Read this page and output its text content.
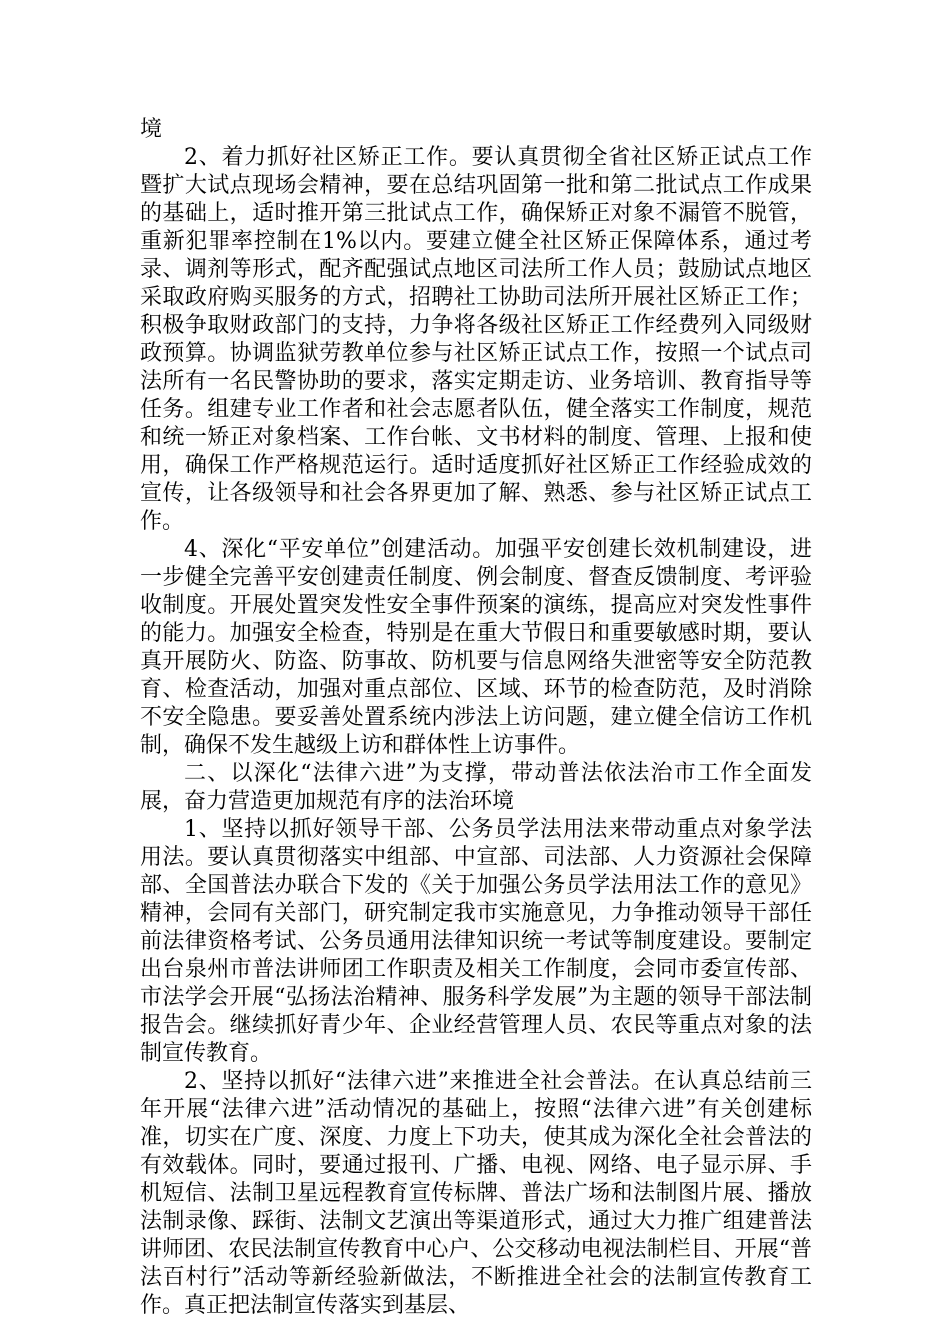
境

2、着力抓好社区矫正工作。要认真贯彻全省社区矫正试点工作暨扩大试点现场会精神，要在总结巩固第一批和第二批试点工作成果的基础上，适时推开第三批试点工作，确保矫正对象不漏管不脱管，重新犯罪率控制在1%以内。要建立健全社区矫正保障体系，通过考录、调剂等形式，配齐配强试点地区司法所工作人员；鼓励试点地区采取政府购买服务的方式，招聘社工协助司法所开展社区矫正工作；积极争取财政部门的支持，力争将各级社区矫正工作经费列入同级财政预算。协调监狱劳教单位参与社区矫正试点工作，按照一个试点司法所有一名民警协助的要求，落实定期走访、业务培训、教育指导等任务。组建专业工作者和社会志愿者队伍，健全落实工作制度，规范和统一矫正对象档案、工作台帐、文书材料的制度、管理、上报和使用，确保工作严格规范运行。适时适度抓好社区矫正工作经验成效的宣传，让各级领导和社会各界更加了解、熟悉、参与社区矫正试点工作。

4、深化“平安单位”创建活动。加强平安创建长效机制建设，进一步健全完善平安创建责任制度、例会制度、督查反馈制度、考评验收制度。开展处置突发性安全事件预案的演练，提高应对突发性事件的能力。加强安全检查，特别是在重大节假日和重要敏感时期，要认真开展防火、防盗、防事故、防机要与信息网络失泄密等安全防范教育、检查活动，加强对重点部位、区域、环节的检查防范，及时消除不安全隐患。要妥善处置系统内涉法上访问题，建立健全信访工作机制，确保不发生越级上访和群体性上访事件。

二、以深化“法律六进”为支撑，带动普法依法治市工作全面发展，奋力营造更加规范有序的法治环境

1、坚持以抓好领导干部、公务员学法用法来带动重点对象学法用法。要认真贯彻落实中组部、中宣部、司法部、人力资源社会保障部、全国普法办联合下发的《关于加强公务员学法用法工作的意见》精神，会同有关部门，研究制定我市实施意见，力争推动领导干部任前法律资格考试、公务员通用法律知识统一考试等制度建设。要制定出台泉州市普法讲师团工作职责及相关工作制度，会同市委宣传部、市法学会开展“弘扬法治精神、服务科学发展”为主题的领导干部法制报告会。继续抓好青少年、企业经营管理人员、农民等重点对象的法制宣传教育。

2、坚持以抓好“法律六进”来推进全社会普法。在认真总结前三年开展“法律六进”活动情况的基础上，按照“法律六进”有关创建标准，切实在广度、深度、力度上下功夫，使其成为深化全社会普法的有效载体。同时，要通过报刊、广播、电视、网络、电子显示屏、手机短信、法制卫星远程教育宣传标牌、普法广场和法制图片展、播放法制录像、踩街、法制文艺演出等渠道形式，通过大力推广组建普法讲师团、农民法制宣传教育中心户、公交移动电视法制栏目、开展“普法百村行”活动等新经验新做法，不断推进全社会的法制宣传教育工作。真正把法制宣传落实到基层、
